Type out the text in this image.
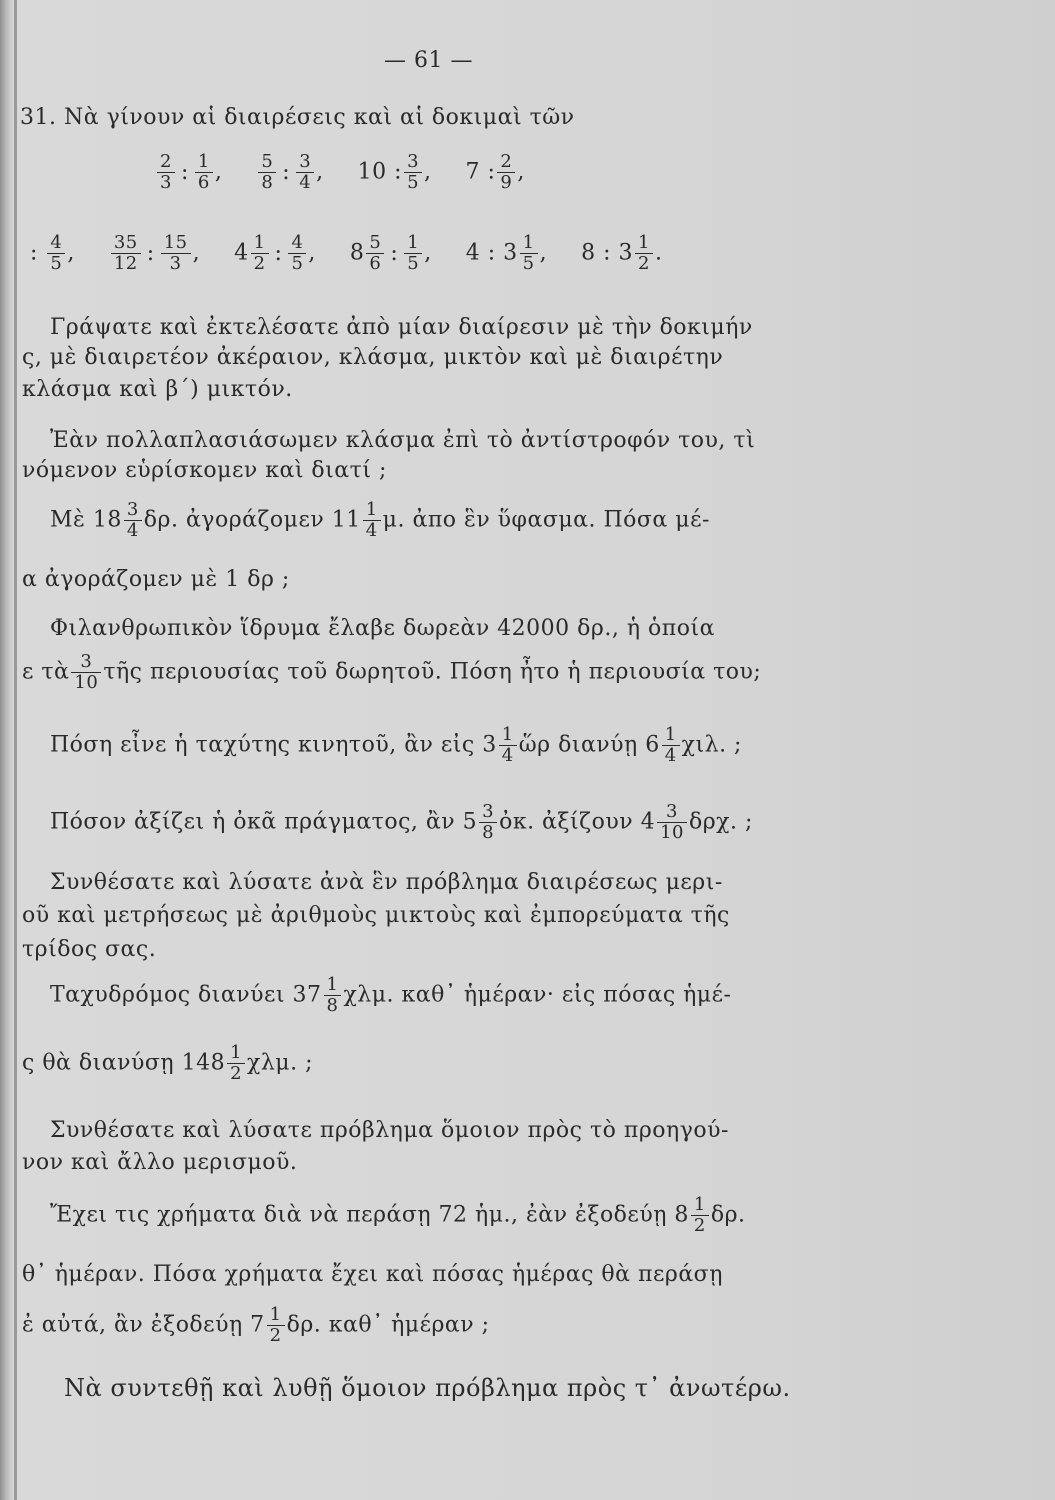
— 61 —
31. Νὰ γίνουν αἱ διαιρέσεις καὶ αἱ δοκιμαὶ τῶν
$\frac{2}{3}$ : $\frac{1}{6}$ , $\frac{5}{8}$ : $\frac{3}{4}$ , 10 : $\frac{3}{5}$ , 7 : $\frac{2}{9}$ ,
: $\frac{4}{5}$ , $\frac{35}{12}$ : $\frac{15}{3}$ , $4 \frac{1}{2}$ : $\frac{4}{5}$ , $8 \frac{5}{6}$ : $\frac{1}{5}$ , 4 : $3 \frac{1}{5}$ , 8 : $3 \frac{1}{2}$ .
Γράψατε καὶ ἐκτελέσατε ἀπὸ μίαν διαίρεσιν μὲ τὴν δοκιμήν
ς, μὲ διαιρετέον ἀκέραιον, κλάσμα, μικτὸν καὶ μὲ διαιρέτην
κλάσμα καὶ β΄) μικτόν.
Ἐὰν πολλαπλασιάσωμεν κλάσμα ἐπὶ τὸ ἀντίστροφόν του, τὶ
νόμενον εὑρίσκομεν καὶ διατί ;
Μὲ $18 \frac{3}{4} \delta\rho$. ἀγοράζομεν $11 \frac{1}{4} \mu$. ἀπο ἓν ὕφασμα. Πόσα μέ-
α ἀγοράζομεν μὲ 1 δρ ;
Φιλανθρωπικὸν ἵδρυμα ἔλαβε δωρεὰν 42000 δρ., ἡ ὁποία
ε τὰ $\frac{3}{10}$ τῆς περιουσίας τοῦ δωρητοῦ. Πόση ἦτο ἡ περιουσία του;
Πόση εἶνε ἡ ταχύτης κινητοῦ, ἂν εἰς $3 \frac{1}{4}$ ὥρ διανύῃ $6 \frac{1}{4} \chi\iota\lambda$. ;
Πόσον ἀξίζει ἡ ὀκᾶ πράγματος, ἂν $5 \frac{3}{8}$ ὀκ. ἀξίζουν $4 \frac{3}{10} \delta\rho\chi$. ;
Συνθέσατε καὶ λύσατε ἀνὰ ἓν πρόβλημα διαιρέσεως μερι-
οῦ καὶ μετρήσεως μὲ ἀριθμοὺς μικτοὺς καὶ ἐμπορεύματα τῆς
τρίδος σας.
Ταχυδρόμος διανύει $37 \frac{1}{8} \chi\lambda\mu$. καθ᾽ ἡμέραν· εἰς πόσας ἡμέ-
ς θὰ διανύσῃ $148 \frac{1}{2} \chi\lambda\mu$. ;
Συνθέσατε καὶ λύσατε πρόβλημα ὅμοιον πρὸς τὸ προηγού-
νον καὶ ἄλλο μερισμοῦ.
Ἔχει τις χρήματα διὰ νὰ περάσῃ 72 ἡμ., ἐὰν ἐξοδεύῃ $8 \frac{1}{2} \delta\rho$.
θ᾽ ἡμέραν. Πόσα χρήματα ἔχει καὶ πόσας ἡμέρας θὰ περάσῃ
ἐ αὐτά, ἂν ἐξοδεύῃ $7 \frac{1}{2} \delta\rho$. καθ᾽ ἡμέραν ;
Νὰ συντεθῇ καὶ λυθῇ ὅμοιον πρόβλημα πρὸς τ᾽ ἀνωτέρω.
